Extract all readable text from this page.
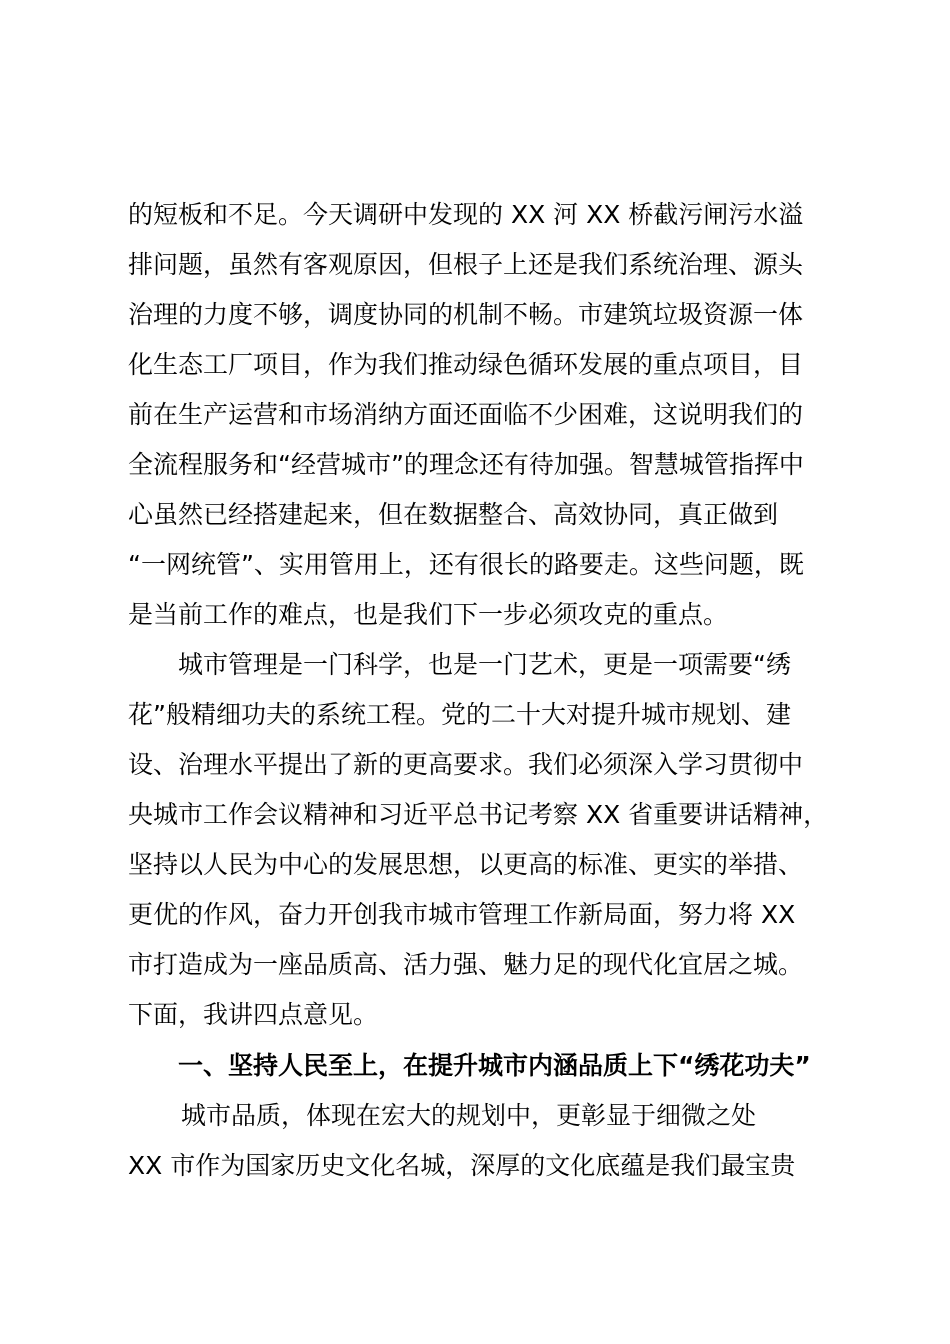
的短板和不足。今天调研中发现的 XX 河 XX 桥截污闸污水溢
排问题，虽然有客观原因，但根子上还是我们系统治理、源头
治理的力度不够，调度协同的机制不畅。市建筑垃圾资源一体
化生态工厂项目，作为我们推动绿色循环发展的重点项目，目
前在生产运营和市场消纳方面还面临不少困难，这说明我们的
全流程服务和“经营城市”的理念还有待加强。智慧城管指挥中
心虽然已经搭建起来，但在数据整合、高效协同，真正做到
“一网统管”、实用管用上，还有很长的路要走。这些问题，既
是当前工作的难点，也是我们下一步必须攻克的重点。
城市管理是一门科学，也是一门艺术，更是一项需要“绣
花”般精细功夫的系统工程。党的二十大对提升城市规划、建
设、治理水平提出了新的更高要求。我们必须深入学习贯彻中
央城市工作会议精神和习近平总书记考察 XX 省重要讲话精神，
坚持以人民为中心的发展思想，以更高的标准、更实的举措、
更优的作风，奋力开创我市城市管理工作新局面，努力将 XX
市打造成为一座品质高、活力强、魅力足的现代化宜居之城。
下面，我讲四点意见。
一、坚持人民至上，在提升城市内涵品质上下“绣花功夫”
城市品质，体现在宏大的规划中，更彰显于细微之处
XX 市作为国家历史文化名城，深厚的文化底蕴是我们最宝贵
